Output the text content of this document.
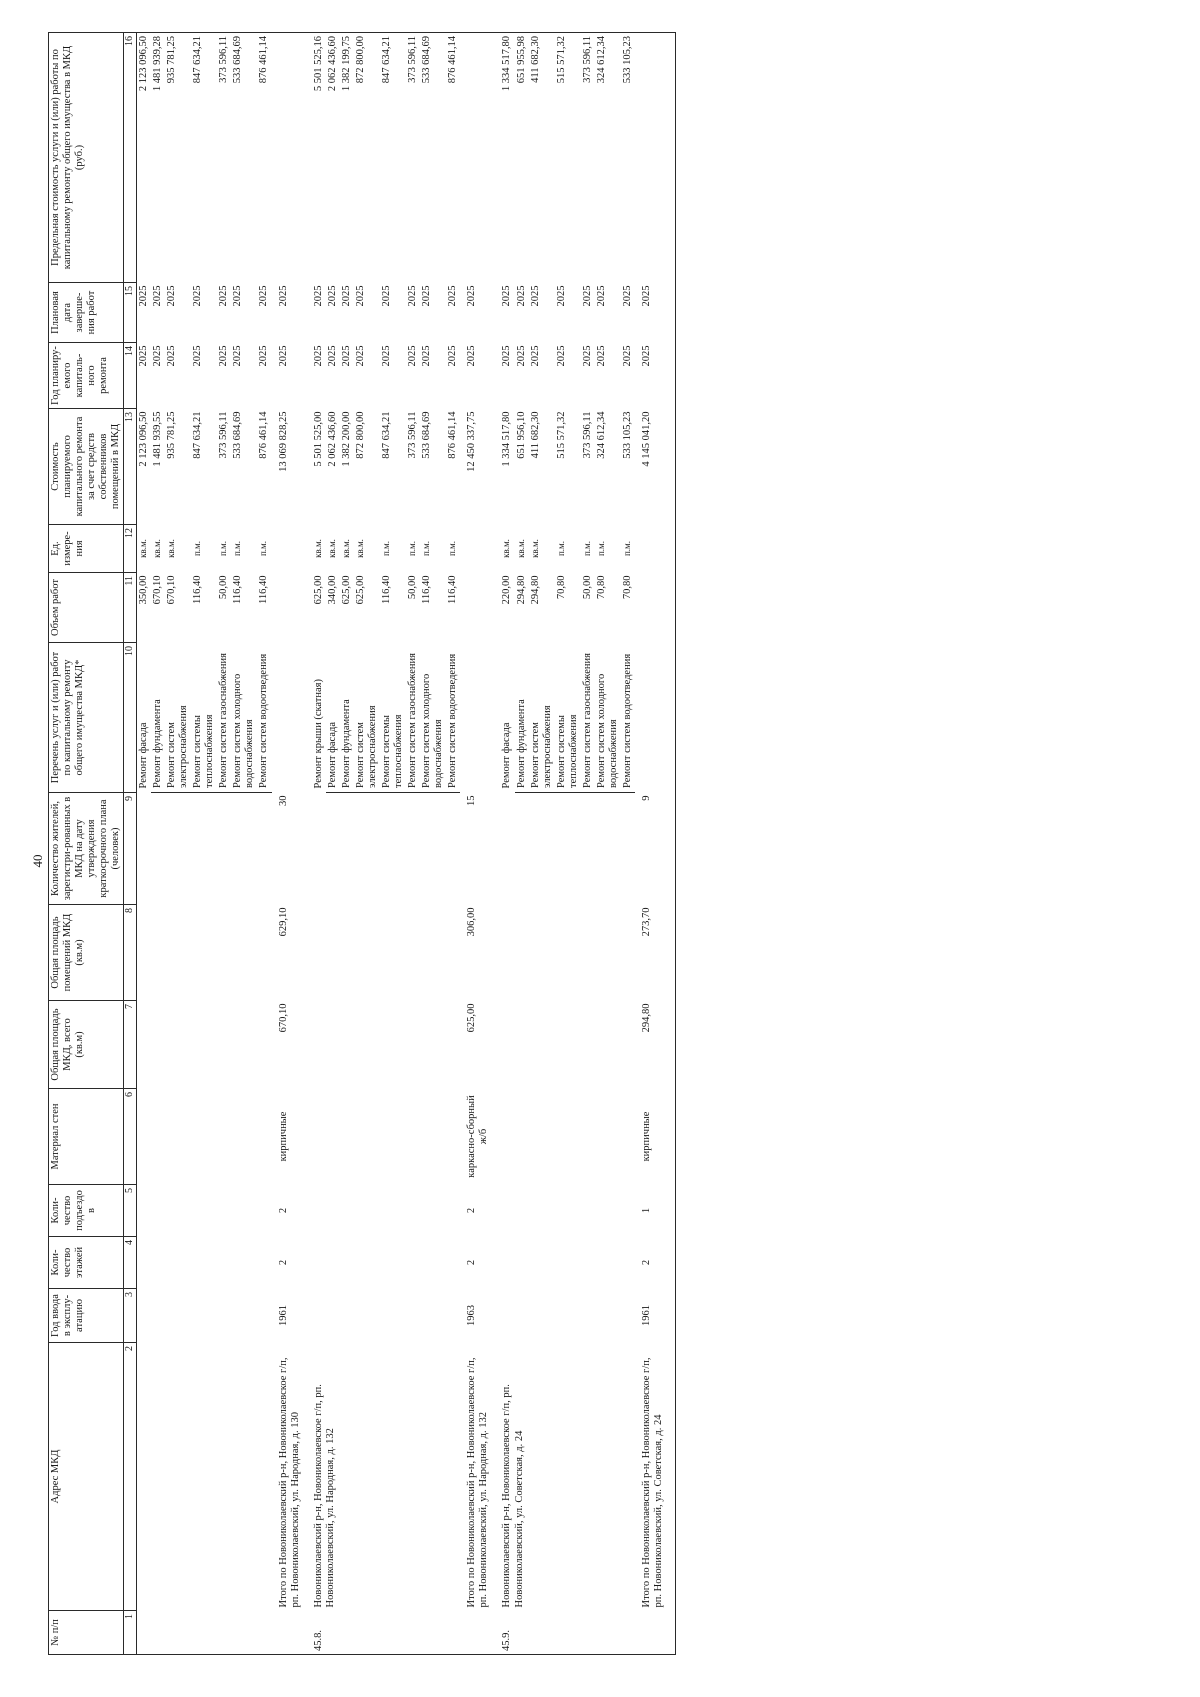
40
№ п/п	Адрес МКД	Год ввода в эксплу-атацию	Коли-чество этажей	Коли-чество подъездо в	Материал стен	Общая площадь МКД, всего (кв.м)	Общая площадь помещений МКД (кв.м)	Количество жителей, зарегистри-рованных в МКД на дату утверждения краткосрочного плана (человек)	Перечень услуг и (или) работ по капитальному ремонту общего имущества МКД*	Объем работ	Ед. измере-ния	Стоимость планируемого капитального ремонта за счет средств собственников помещений в МКД	Год планиру-емого капиталь-ного ремонта	Плановая дата заверше-ния работ	Предельная стоимость услуги и (или) работы по капитальному ремонту общего имущества в МКД (руб.)
1	2	3	4	5	6	7	8	9	10	11	12	13	14	15	16
									Ремонт фасада	350,00	кв.м.	2 123 096,50	2025	2025	2 123 096,50
									Ремонт фундамента	670,10	кв.м.	1 481 939,55	2025	2025	1 481 939,28
									Ремонт систем электроснабжения	670,10	кв.м.	935 781,25	2025	2025	935 781,25
									Ремонт системы теплоснабжения	116,40	п.м.	847 634,21	2025	2025	847 634,21
									Ремонт систем газоснабжения	50,00	п.м.	373 596,11	2025	2025	373 596,11
									Ремонт систем холодного водоснабжения	116,40	п.м.	533 684,69	2025	2025	533 684,69
									Ремонт систем водоотведения	116,40	п.м.	876 461,14	2025	2025	876 461,14
	Итого по Новониколаевский р-н, Новониколаевское г/п, рп. Новониколаевский, ул. Народная, д. 130	1961	2	2	кирпичные	670,10	629,10	30				13 069 828,25	2025	2025	
45.8.	Новониколаевский р-н, Новониколаевское г/п, рп. Новониколаевский, ул. Народная, д. 132								Ремонт крыши (скатная)	625,00	кв.м.	5 501 525,00	2025	2025	5 501 525,16
									Ремонт фасада	340,00	кв.м.	2 062 436,60	2025	2025	2 062 436,60
									Ремонт фундамента	625,00	кв.м.	1 382 200,00	2025	2025	1 382 199,75
									Ремонт систем электроснабжения	625,00	кв.м.	872 800,00	2025	2025	872 800,00
									Ремонт системы теплоснабжения	116,40	п.м.	847 634,21	2025	2025	847 634,21
									Ремонт систем газоснабжения	50,00	п.м.	373 596,11	2025	2025	373 596,11
									Ремонт систем холодного водоснабжения	116,40	п.м.	533 684,69	2025	2025	533 684,69
									Ремонт систем водоотведения	116,40	п.м.	876 461,14	2025	2025	876 461,14
	Итого по Новониколаевский р-н, Новониколаевское г/п, рп. Новониколаевский, ул. Народная, д. 132	1963	2	2	каркасно-сборный ж/б	625,00	306,00	15				12 450 337,75	2025	2025	
45.9.	Новониколаевский р-н, Новониколаевское г/п, рп. Новониколаевский, ул. Советская, д. 24								Ремонт фасада	220,00	кв.м.	1 334 517,80	2025	2025	1 334 517,80
									Ремонт фундамента	294,80	кв.м.	651 956,10	2025	2025	651 955,98
									Ремонт систем электроснабжения	294,80	кв.м.	411 682,30	2025	2025	411 682,30
									Ремонт системы теплоснабжения	70,80	п.м.	515 571,32	2025	2025	515 571,32
									Ремонт систем газоснабжения	50,00	п.м.	373 596,11	2025	2025	373 596,11
									Ремонт систем холодного водоснабжения	70,80	п.м.	324 612,34	2025	2025	324 612,34
									Ремонт систем водоотведения	70,80	п.м.	533 105,23	2025	2025	533 105,23
	Итого по Новониколаевский р-н, Новониколаевское г/п, рп. Новониколаевский, ул. Советская, д. 24	1961	2	1	кирпичные	294,80	273,70	9				4 145 041,20	2025	2025	
